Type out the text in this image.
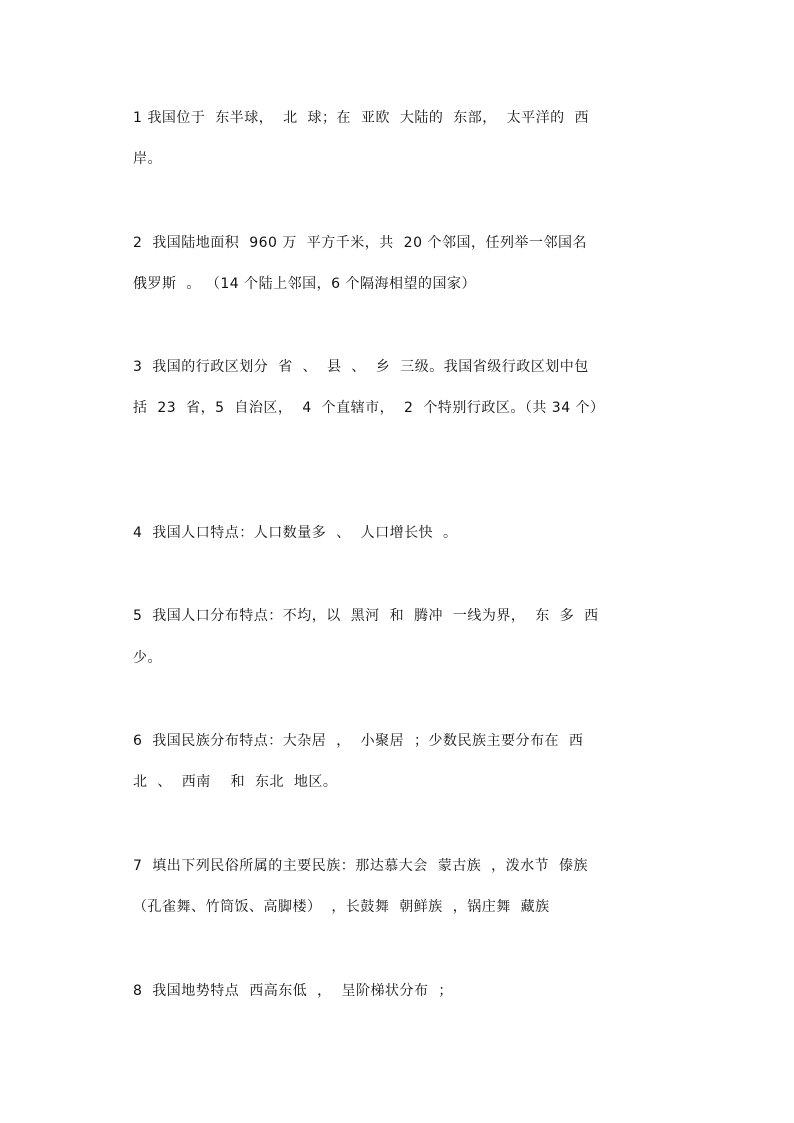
1 我国位于  东半球，  北  球；在  亚欧  大陆的  东部，  太平洋的  西
岸。
2  我国陆地面积  960 万  平方千米，共  20 个邻国，任列举一邻国名
俄罗斯  。 （14 个陆上邻国，6 个隔海相望的国家）
3  我国的行政区划分  省  、  县  、  乡  三级。我国省级行政区划中包
括  23  省，5  自治区，  4  个直辖市，  2  个特别行政区。（共 34 个）
4  我国人口特点：人口数量多  、  人口增长快  。
5  我国人口分布特点：不均，以  黑河  和  腾冲  一线为界，  东  多  西
少。
6  我国民族分布特点：大杂居  ，  小聚居  ；少数民族主要分布在  西
北  、  西南    和  东北  地区。
7  填出下列民俗所属的主要民族：那达慕大会  蒙古族  ，泼水节  傣族
（孔雀舞、竹筒饭、高脚楼）  ，长鼓舞  朝鲜族  ，锅庄舞  藏族
8  我国地势特点  西高东低  ，  呈阶梯状分布  ；
